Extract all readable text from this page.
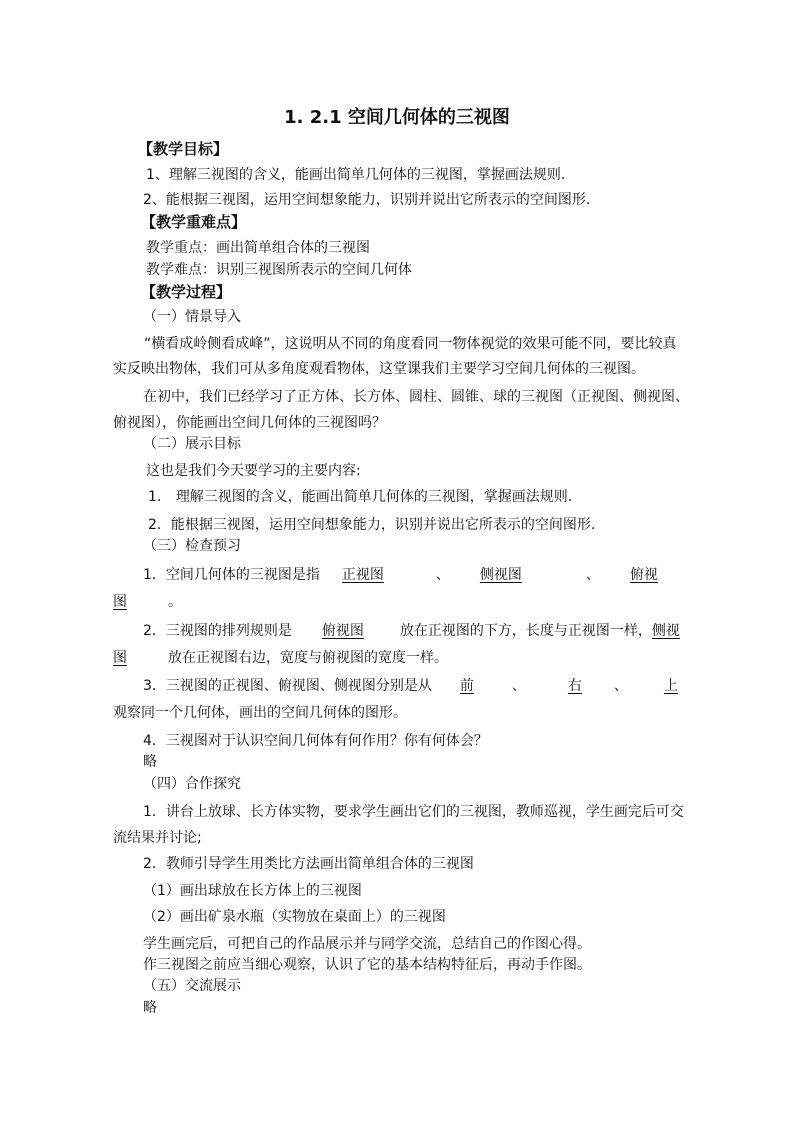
1. 2.1 空间几何体的三视图
【教学目标】
1、理解三视图的含义，能画出简单几何体的三视图，掌握画法规则.
2、能根据三视图，运用空间想象能力，识别并说出它所表示的空间图形.
【教学重难点】
教学重点：画出简单组合体的三视图
教学难点：识别三视图所表示的空间几何体
【教学过程】
（一）情景导入
“横看成岭侧看成峰”，这说明从不同的角度看同一物体视觉的效果可能不同，要比较真
实反映出物体，我们可从多角度观看物体，这堂课我们主要学习空间几何体的三视图。
在初中，我们已经学习了正方体、长方体、圆柱、圆锥、球的三视图（正视图、侧视图、
俯视图），你能画出空间几何体的三视图吗？
（二）展示目标
这也是我们今天要学习的主要内容:
1. 理解三视图的含义，能画出简单几何体的三视图，掌握画法规则.
2．能根据三视图，运用空间想象能力，识别并说出它所表示的空间图形.
（三）检查预习
1．空间几何体的三视图是指 正视图	、 侧视图	、 俯视
图	。
2．三视图的排列规则是 俯视图	放在正视图的下方，长度与正视图一样，侧视
图	放在正视图右边，宽度与俯视图的宽度一样。
3．三视图的正视图、俯视图、侧视图分别是从 前	、	右 、	上
观察同一个几何体，画出的空间几何体的图形。
4．三视图对于认识空间几何体有何作用？你有何体会？
略
（四）合作探究
1．讲台上放球、长方体实物，要求学生画出它们的三视图，教师巡视，学生画完后可交
流结果并讨论;
2．教师引导学生用类比方法画出简单组合体的三视图
（1）画出球放在长方体上的三视图
（2）画出矿泉水瓶（实物放在桌面上）的三视图
学生画完后，可把自己的作品展示并与同学交流，总结自己的作图心得。
作三视图之前应当细心观察，认识了它的基本结构特征后，再动手作图。
（五）交流展示
略
